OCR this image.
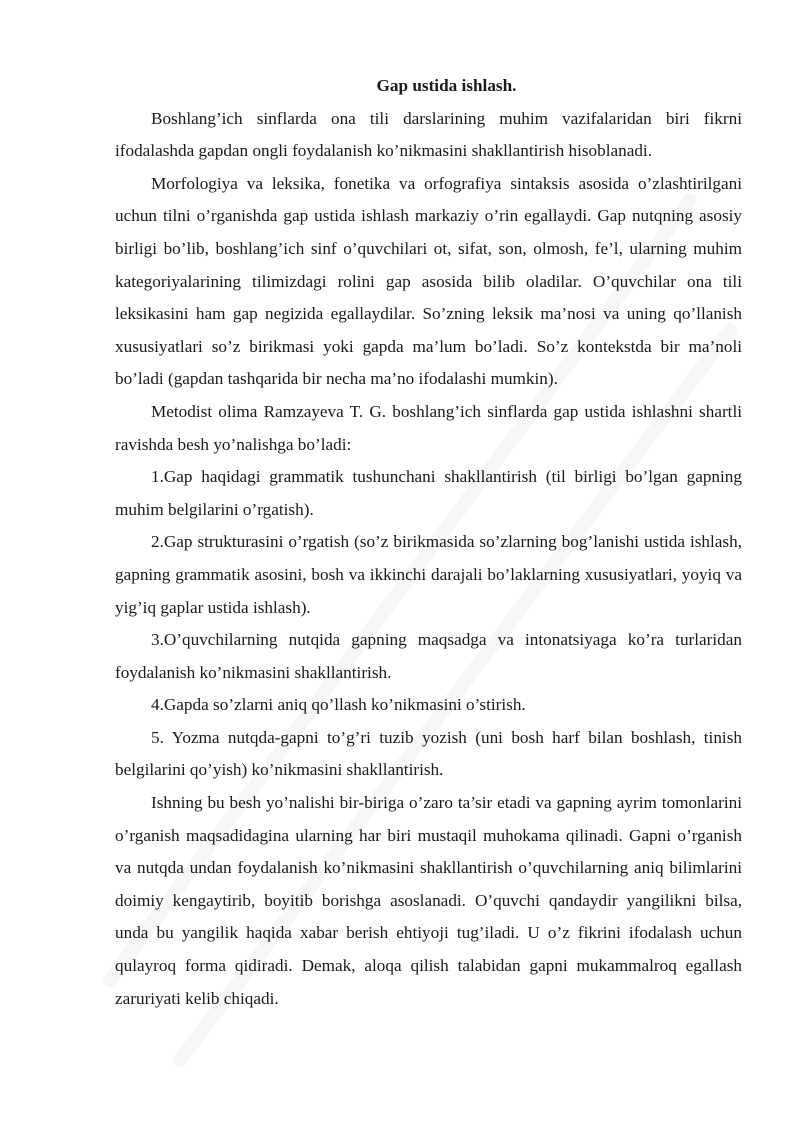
Gap ustida ishlash.

Boshlang’ich sinflarda ona tili darslarining muhim vazifalaridan biri fikrni ifodalashda gapdan ongli foydalanish ko’nikmasini shakllantirish hisoblanadi.

Morfologiya va leksika, fonetika va orfografiya sintaksis asosida o’zlashtirilgani uchun tilni o’rganishda gap ustida ishlash markaziy o’rin egallaydi. Gap nutqning asosiy birligi bo’lib, boshlang’ich sinf o’quvchilari ot, sifat, son, olmosh, fe’l, ularning muhim kategoriyalarining tilimizdagi rolini gap asosida bilib oladilar. O’quvchilar ona tili leksikasini ham gap negizida egallaydilar. So’zning leksik ma’nosi va uning qo’llanish xususiyatlari so’z birikmasi yoki gapda ma’lum bo’ladi. So’z kontekstda bir ma’noli bo’ladi (gapdan tashqarida bir necha ma’no ifodalashi mumkin).

Metodist olima Ramzayeva T. G. boshlang’ich sinflarda gap ustida ishlashni shartli ravishda besh yo’nalishga bo’ladi:

1.Gap haqidagi grammatik tushunchani shakllantirish (til birligi bo’lgan gapning muhim belgilarini o’rgatish).

2.Gap strukturasini o’rgatish (so’z birikmasida so’zlarning bog’lanishi ustida ishlash, gapning grammatik asosini, bosh va ikkinchi darajali bo’laklarning xususiyatlari, yoyiq va yig’iq gaplar ustida ishlash).

3.O’quvchilarning nutqida gapning maqsadga va intonatsiyaga ko’ra turlaridan foydalanish ko’nikmasini shakllantirish.

4.Gapda so’zlarni aniq qo’llash ko’nikmasini o’stirish.

5. Yozma nutqda-gapni to’g’ri tuzib yozish (uni bosh harf bilan boshlash, tinish belgilarini qo’yish) ko’nikmasini shakllantirish.

Ishning bu besh yo’nalishi bir-biriga o’zaro ta’sir etadi va gapning ayrim tomonlarini o’rganish maqsadidagina ularning har biri mustaqil muhokama qilinadi. Gapni o’rganish va nutqda undan foydalanish ko’nikmasini shakllantirish o’quvchilarning aniq bilimlarini doimiy kengaytirib, boyitib borishga asoslanadi. O’quvchi qandaydir yangilikni bilsa, unda bu yangilik haqida xabar berish ehtiyoji tug’iladi. U o’z fikrini ifodalash uchun qulayroq forma qidiradi. Demak, aloqa qilish talabidan gapni mukammalroq egallash zaruriyati kelib chiqadi.
